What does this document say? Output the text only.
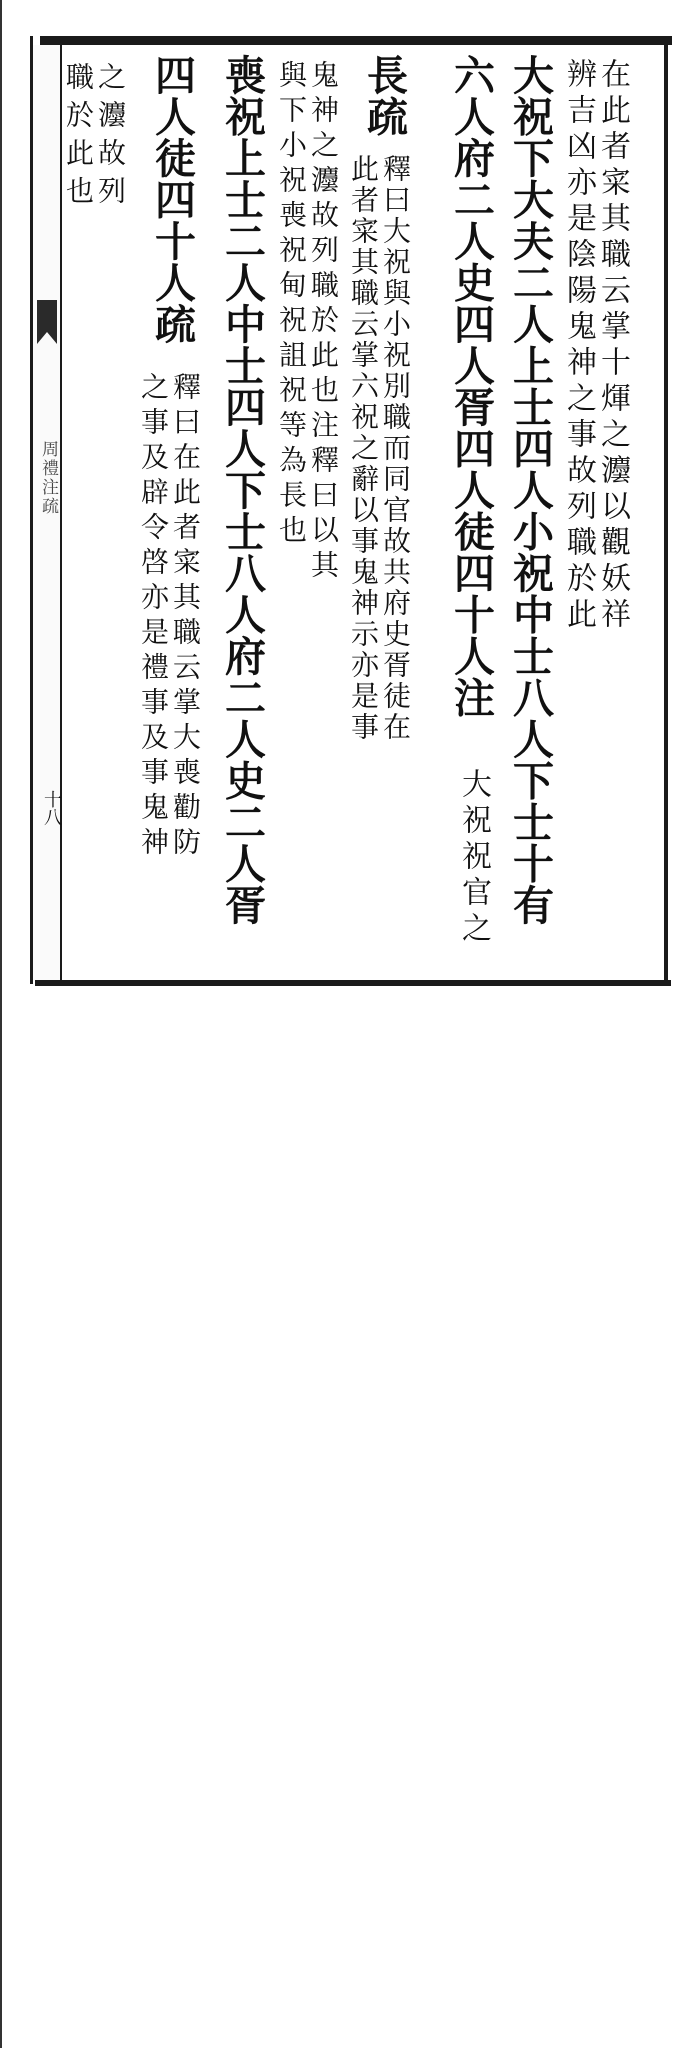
在此者寀其職云掌十煇之灋以觀妖祥
辨吉凶亦是陰陽鬼神之事故列職於此
大祝下大夫二人上士四人小祝中士八人下士十有
六人府二人史四人胥四人徒四十人注
大祝祝官之
長疏
釋曰大祝與小祝別職而同官故共府史胥徒在
此者寀其職云掌六祝之辭以事鬼神示亦是事
鬼神之灋故列職於此也注釋曰以其
與下小祝喪祝甸祝詛祝等為長也
喪祝上士二人中士四人下士八人府二人史二人胥
四人徒四十人疏
釋曰在此者寀其職云掌大喪勸防
之事及辟令啓亦是禮事及事鬼神
之灋故列
職於此也
周禮注疏
十八
